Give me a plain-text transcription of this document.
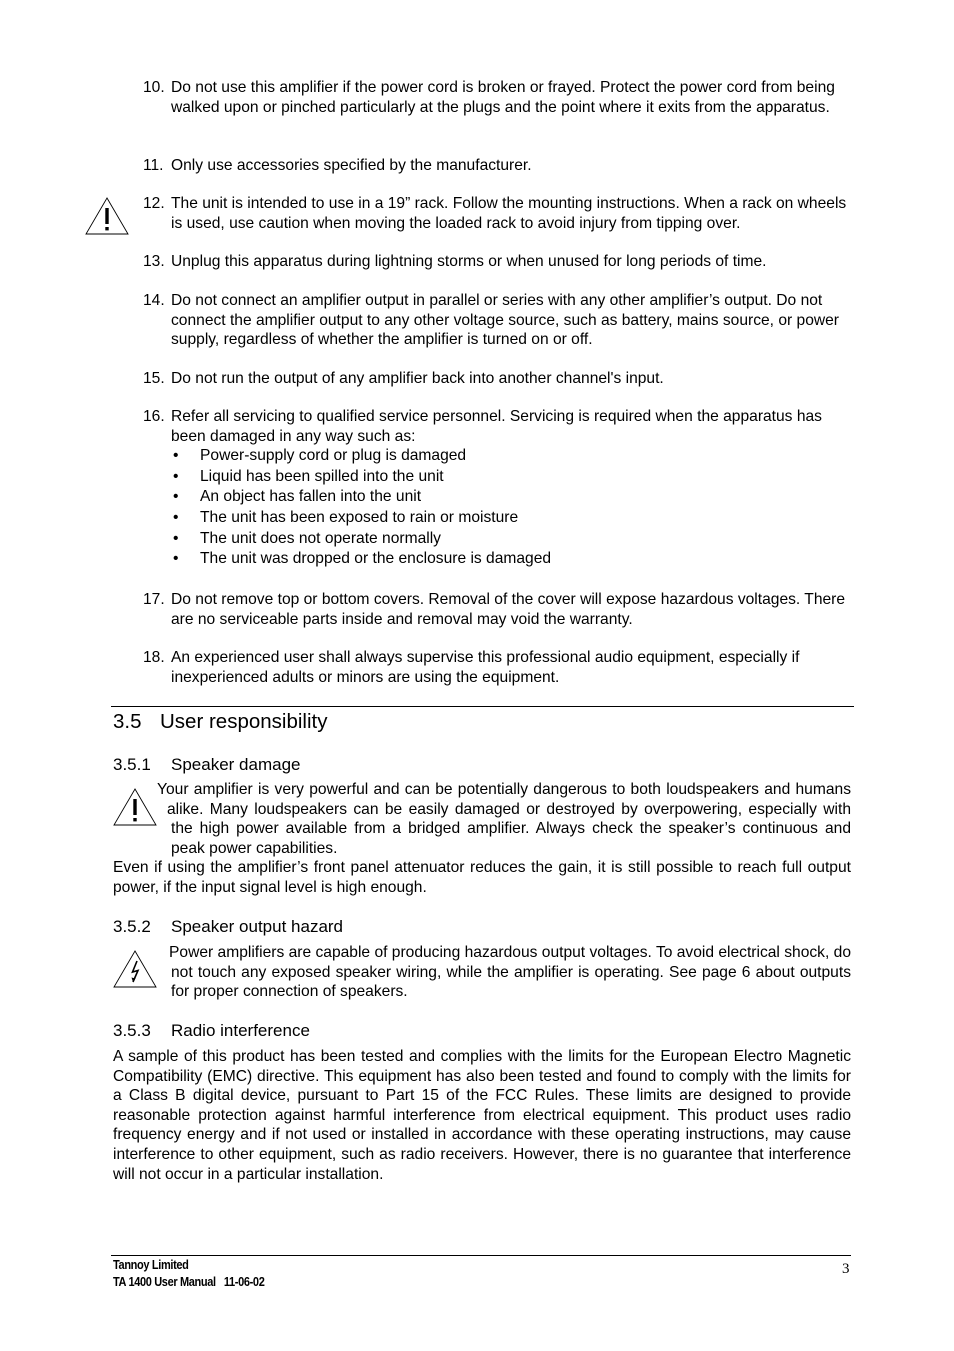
10. Do not use this amplifier if the power cord is broken or frayed. Protect the power cord from being walked upon or pinched particularly at the plugs and the point where it exits from the apparatus.
11. Only use accessories specified by the manufacturer.
12. The unit is intended to use in a 19” rack. Follow the mounting instructions. When a rack on wheels is used, use caution when moving the loaded rack to avoid injury from tipping over.
13. Unplug this apparatus during lightning storms or when unused for long periods of time.
14. Do not connect an amplifier output in parallel or series with any other amplifier’s output. Do not connect the amplifier output to any other voltage source, such as battery, mains source, or power supply, regardless of whether the amplifier is turned on or off.
15. Do not run the output of any amplifier back into another channel's input.
16. Refer all servicing to qualified service personnel. Servicing is required when the apparatus has been damaged in any way such as:
• Power-supply cord or plug is damaged
• Liquid has been spilled into the unit
• An object has fallen into the unit
• The unit has been exposed to rain or moisture
• The unit does not operate normally
• The unit was dropped or the enclosure is damaged
17. Do not remove top or bottom covers. Removal of the cover will expose hazardous voltages. There are no serviceable parts inside and removal may void the warranty.
18. An experienced user shall always supervise this professional audio equipment, especially if inexperienced adults or minors are using the equipment.
3.5 User responsibility
3.5.1 Speaker damage

Your amplifier is very powerful and can be potentially dangerous to both loudspeakers and humans alike. Many loudspeakers can be easily damaged or destroyed by overpowering, especially with the high power available from a bridged amplifier. Always check the speaker’s continuous and peak power capabilities.

Even if using the amplifier’s front panel attenuator reduces the gain, it is still possible to reach full output power, if the input signal level is high enough.

3.5.2 Speaker output hazard

Power amplifiers are capable of producing hazardous output voltages. To avoid electrical shock, do not touch any exposed speaker wiring, while the amplifier is operating. See page 6 about outputs for proper connection of speakers.

3.5.3 Radio interference

A sample of this product has been tested and complies with the limits for the European Electro Magnetic Compatibility (EMC) directive. This equipment has also been tested and found to comply with the limits for a Class B digital device, pursuant to Part 15 of the FCC Rules. These limits are designed to provide reasonable protection against harmful interference from electrical equipment. This product uses radio frequency energy and if not used or installed in accordance with these operating instructions, may cause interference to other equipment, such as radio receivers. However, there is no guarantee that interference will not occur in a particular installation.

Tannoy Limited
TA 1400 User Manual   11-06-02
3
